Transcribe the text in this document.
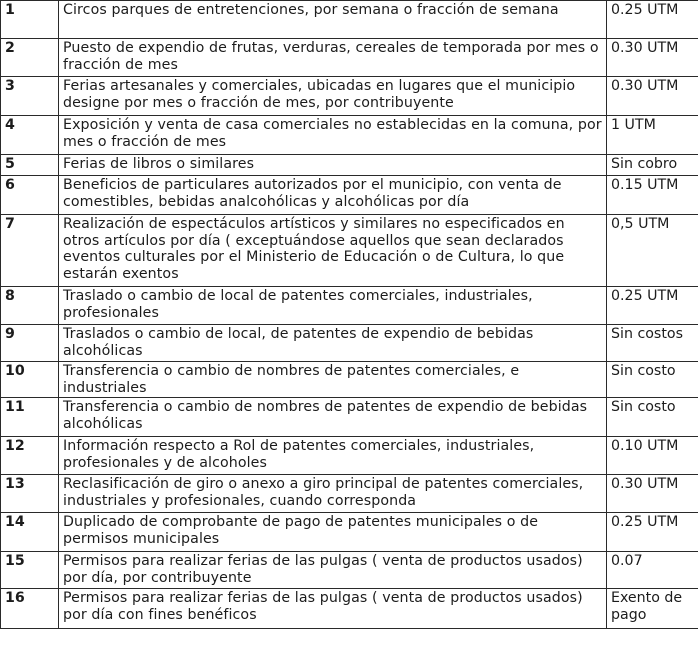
1	Circos parques de entretenciones, por semana o fracción de semana	0.25 UTM
2	Puesto de expendio de frutas, verduras, cereales de temporada por mes o fracción de mes	0.30 UTM
3	Ferias artesanales y comerciales, ubicadas en lugares que el municipio designe por mes o fracción de mes, por contribuyente	0.30 UTM
4	Exposición y venta de casa comerciales no establecidas en la comuna, por mes o fracción de mes	1 UTM
5	Ferias de libros o similares	Sin cobro
6	Beneficios de particulares autorizados por el municipio, con venta de comestibles, bebidas analcohólicas y alcohólicas por día	0.15 UTM
7	Realización de espectáculos artísticos y similares no especificados en otros artículos por día ( exceptuándose aquellos que sean declarados eventos culturales por el Ministerio de Educación o de Cultura, lo que estarán exentos	0,5 UTM
8	Traslado o cambio de local de patentes comerciales, industriales, profesionales	0.25 UTM
9	Traslados o cambio de local, de patentes de expendio de bebidas alcohólicas	Sin costos
10	Transferencia o cambio de nombres de patentes comerciales, e industriales	Sin costo
11	Transferencia o cambio de nombres de patentes de expendio de bebidas alcohólicas	Sin costo
12	Información respecto a Rol de patentes comerciales, industriales, profesionales y de alcoholes	0.10 UTM
13	Reclasificación de giro o anexo a giro principal de patentes comerciales, industriales y profesionales, cuando corresponda	0.30 UTM
14	Duplicado de comprobante de pago de patentes municipales o de permisos municipales	0.25 UTM
15	Permisos para realizar ferias de las pulgas ( venta de productos usados) por día, por contribuyente	0.07
16	Permisos para realizar ferias de las pulgas ( venta de productos usados) por día con fines benéficos	Exento de pago
